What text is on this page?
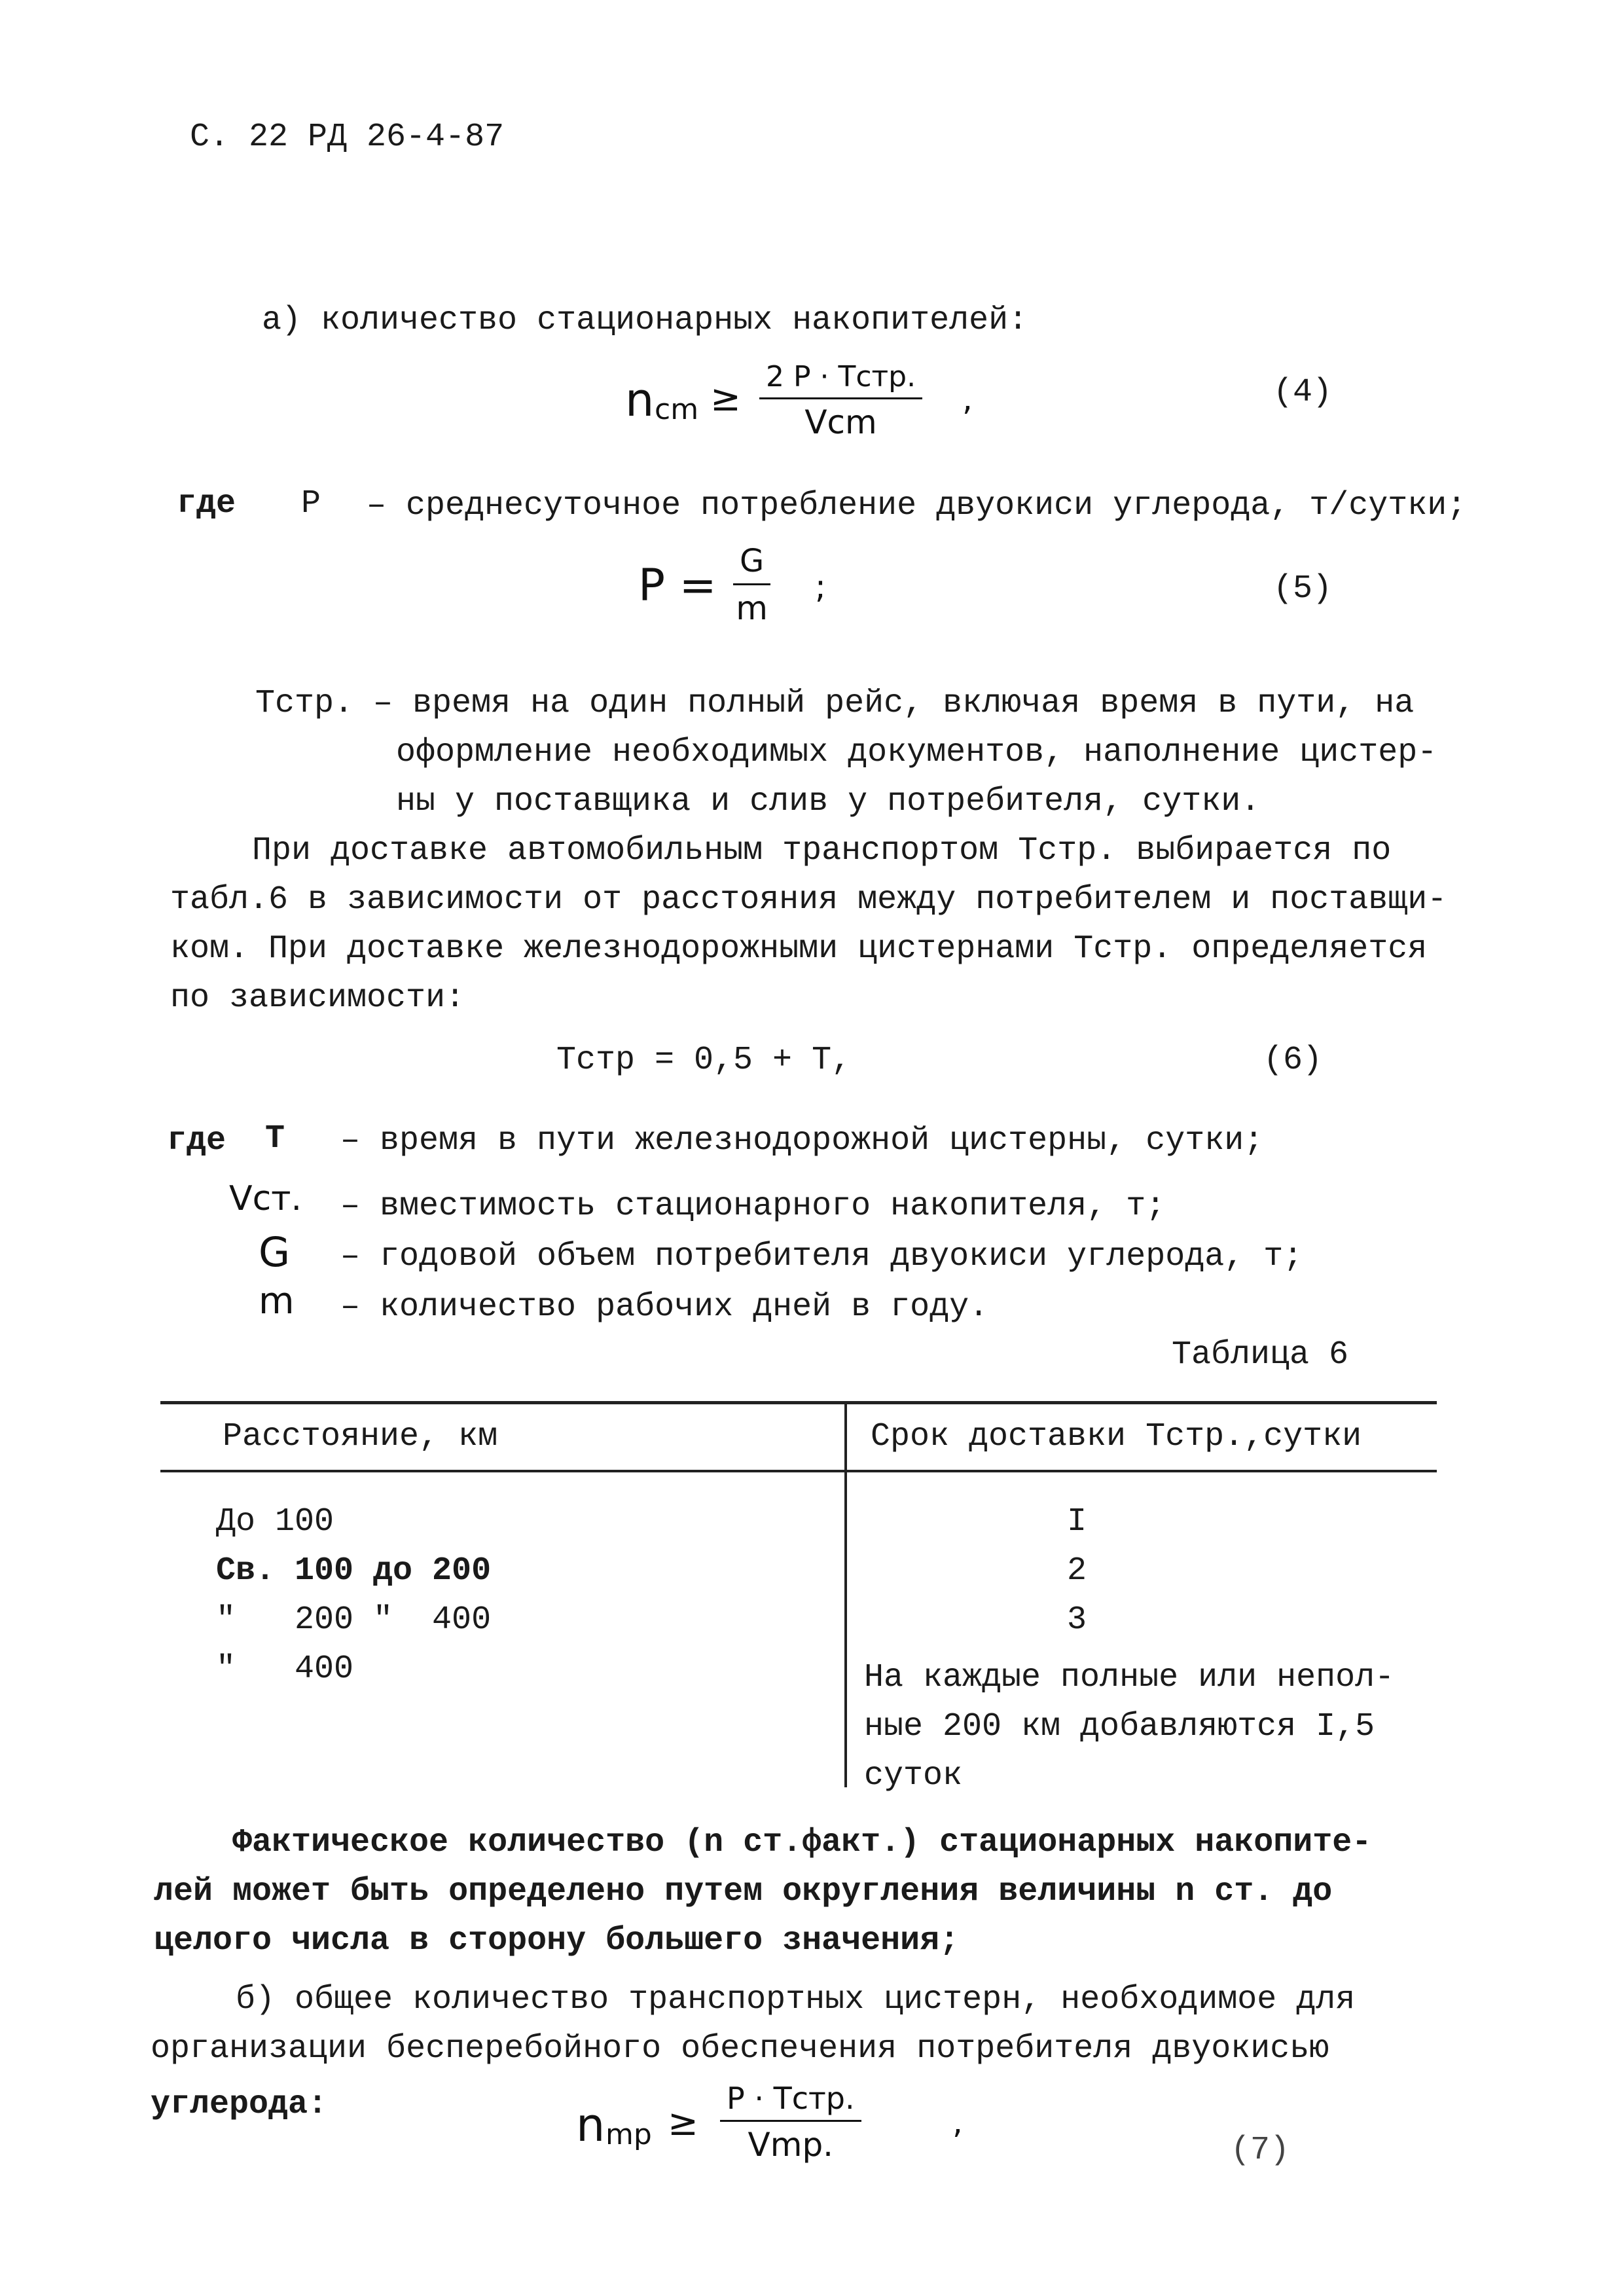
С. 22 РД 26-4-87
а) количество стационарных накопителей:
n cm ≥
2 P · Тстр.
Vcm
,	(4)
где Р – среднесуточное потребление двуокиси углерода, т/сутки;
$P = \frac{G}{m}$ ;	(5)
Тстр. – время на один полный рейс, включая время в пути, на
оформление необходимых документов, наполнение цистер-
ны у поставщика и слив у потребителя, сутки.
При доставке автомобильным транспортом Тстр. выбирается по
табл.6 в зависимости от расстояния между потребителем и поставщи-
ком. При доставке железнодорожными цистернами Тстр. определяется
по зависимости:
Тстр = 0,5 + Т,	(6)
где Т – время в пути железнодорожной цистерны, сутки;
Vст. – вместимость стационарного накопителя, т;
G – годовой объем потребителя двуокиси углерода, т;
m – количество рабочих дней в году.
Таблица 6
Расстояние, км	Срок доставки Тстр.,сутки
До 100	I
Св. 100 до 200	2
"   200 "  400	3
"   400	На каждые полные или непол-
ные 200 км добавляются I,5
суток
Фактическое количество (n ст.факт.) стационарных накопите-
лей может быть определено путем округления величины n ст. до
целого числа в сторону большего значения;
б) общее количество транспортных цистерн, необходимое для
организации бесперебойного обеспечения потребителя двуокисью
углерода:	n mp ≥
P · Тстр.
Vmp.
,
(7)
